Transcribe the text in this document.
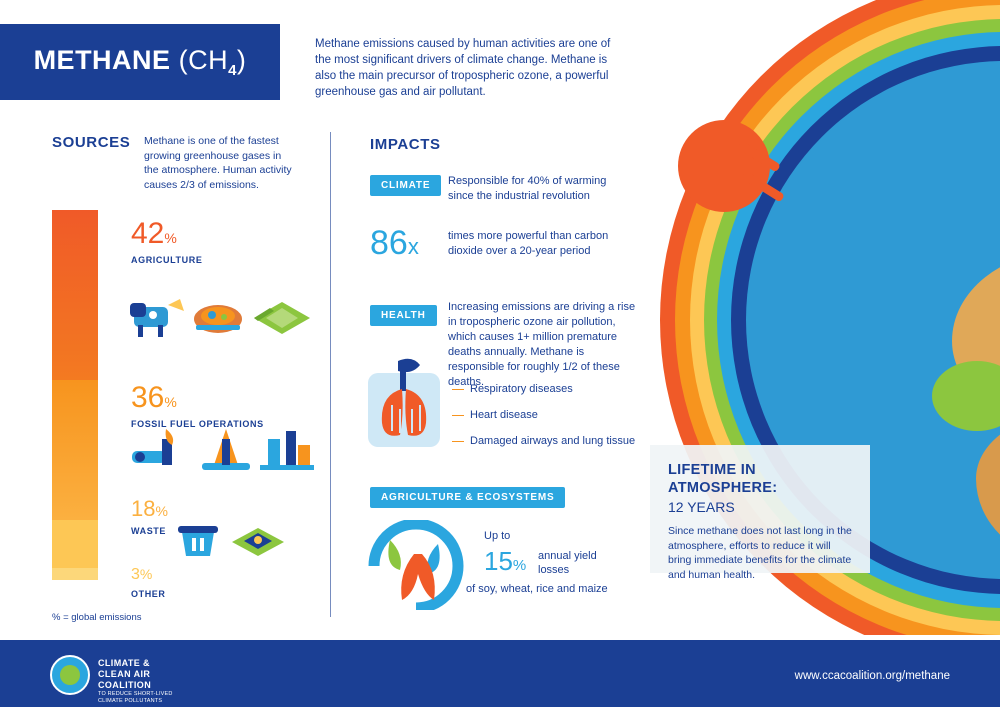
METHANE $(CH_4)$
Methane emissions caused by human activities are one of the most significant drivers of climate change. Methane is also the main precursor of tropospheric ozone, a powerful greenhouse gas and air pollutant.
SOURCES Methane is one of the fastest growing greenhouse gases in the atmosphere. Human activity causes 2/3 of emissions.
42%
AGRICULTURE
36%
FOSSIL FUEL OPERATIONS
18%
WASTE
3%
OTHER
% = global emissions
IMPACTS
CLIMATE	Responsible for 40% of warming since the industrial revolution
86x	times more powerful than carbon dioxide over a 20-year period
HEALTH
Increasing emissions are driving a rise in tropospheric ozone air pollution, which causes 1+ million premature deaths annually. Methane is responsible for roughly 1/2 of these deaths.
Respiratory diseases
Heart disease
Damaged airways and lung tissue
AGRICULTURE & ECOSYSTEMS
Up to
15%
annual yield losses
of soy, wheat, rice and maize
LIFETIME IN ATMOSPHERE:
12 YEARS

Since methane does not last long in the atmosphere, efforts to reduce it will bring immediate benefits for the climate and human health.

CLIMATE &
CLEAN AIR
COALITION
TO REDUCE SHORT-LIVED
CLIMATE POLLUTANTS
www.ccacoalition.org/methane
